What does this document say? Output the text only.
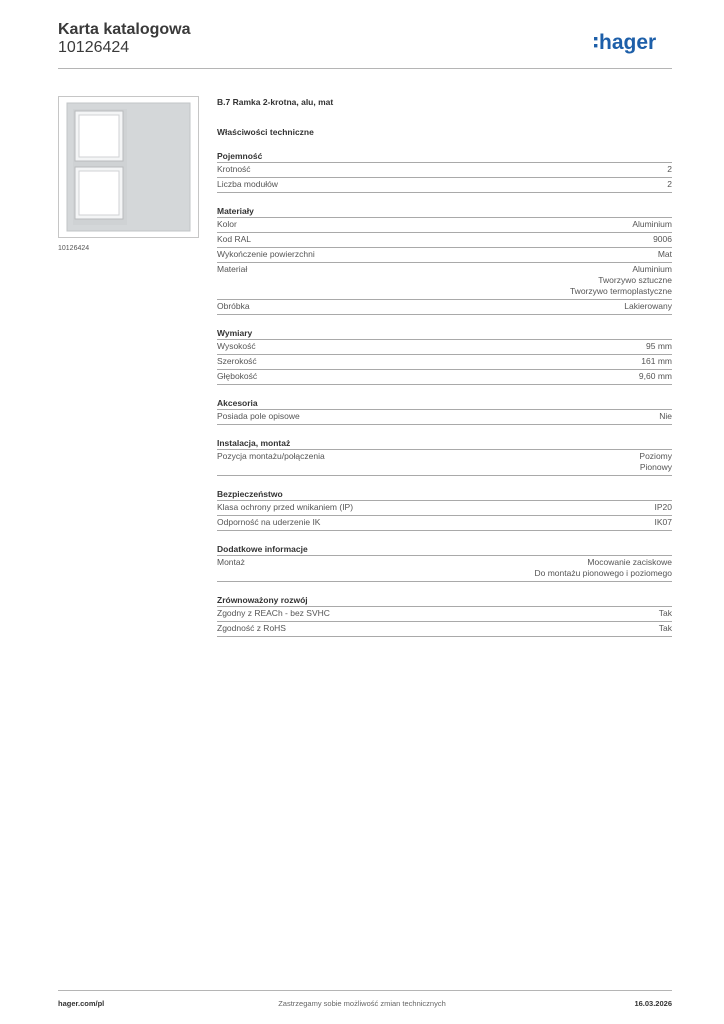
Karta katalogowa
10126424	hager
10126424
B.7 Ramka 2-krotna, alu, mat
Właściwości techniczne
Pojemność
Krotność	2
Liczba modułów	2
Materiały
Kolor	Aluminium
Kod RAL	9006
Wykończenie powierzchni	Mat
Materiał	Aluminium
Tworzywo sztuczne
Tworzywo termoplastyczne
Obróbka	Lakierowany
Wymiary
Wysokość	95 mm
Szerokość	161 mm
Głębokość	9,60 mm
Akcesoria
Posiada pole opisowe	Nie
Instalacja, montaż
Pozycja montażu/połączenia	Poziomy
Pionowy
Bezpieczeństwo
Klasa ochrony przed wnikaniem (IP)	IP20
Odporność na uderzenie IK	IK07
Dodatkowe informacje
Montaż	Mocowanie zaciskowe
Do montażu pionowego i poziomego
Zrównoważony rozwój
Zgodny z REACh - bez SVHC	Tak
Zgodność z RoHS	Tak
hager.com/pl	Zastrzegamy sobie możliwość zmian technicznych	16.03.2026
